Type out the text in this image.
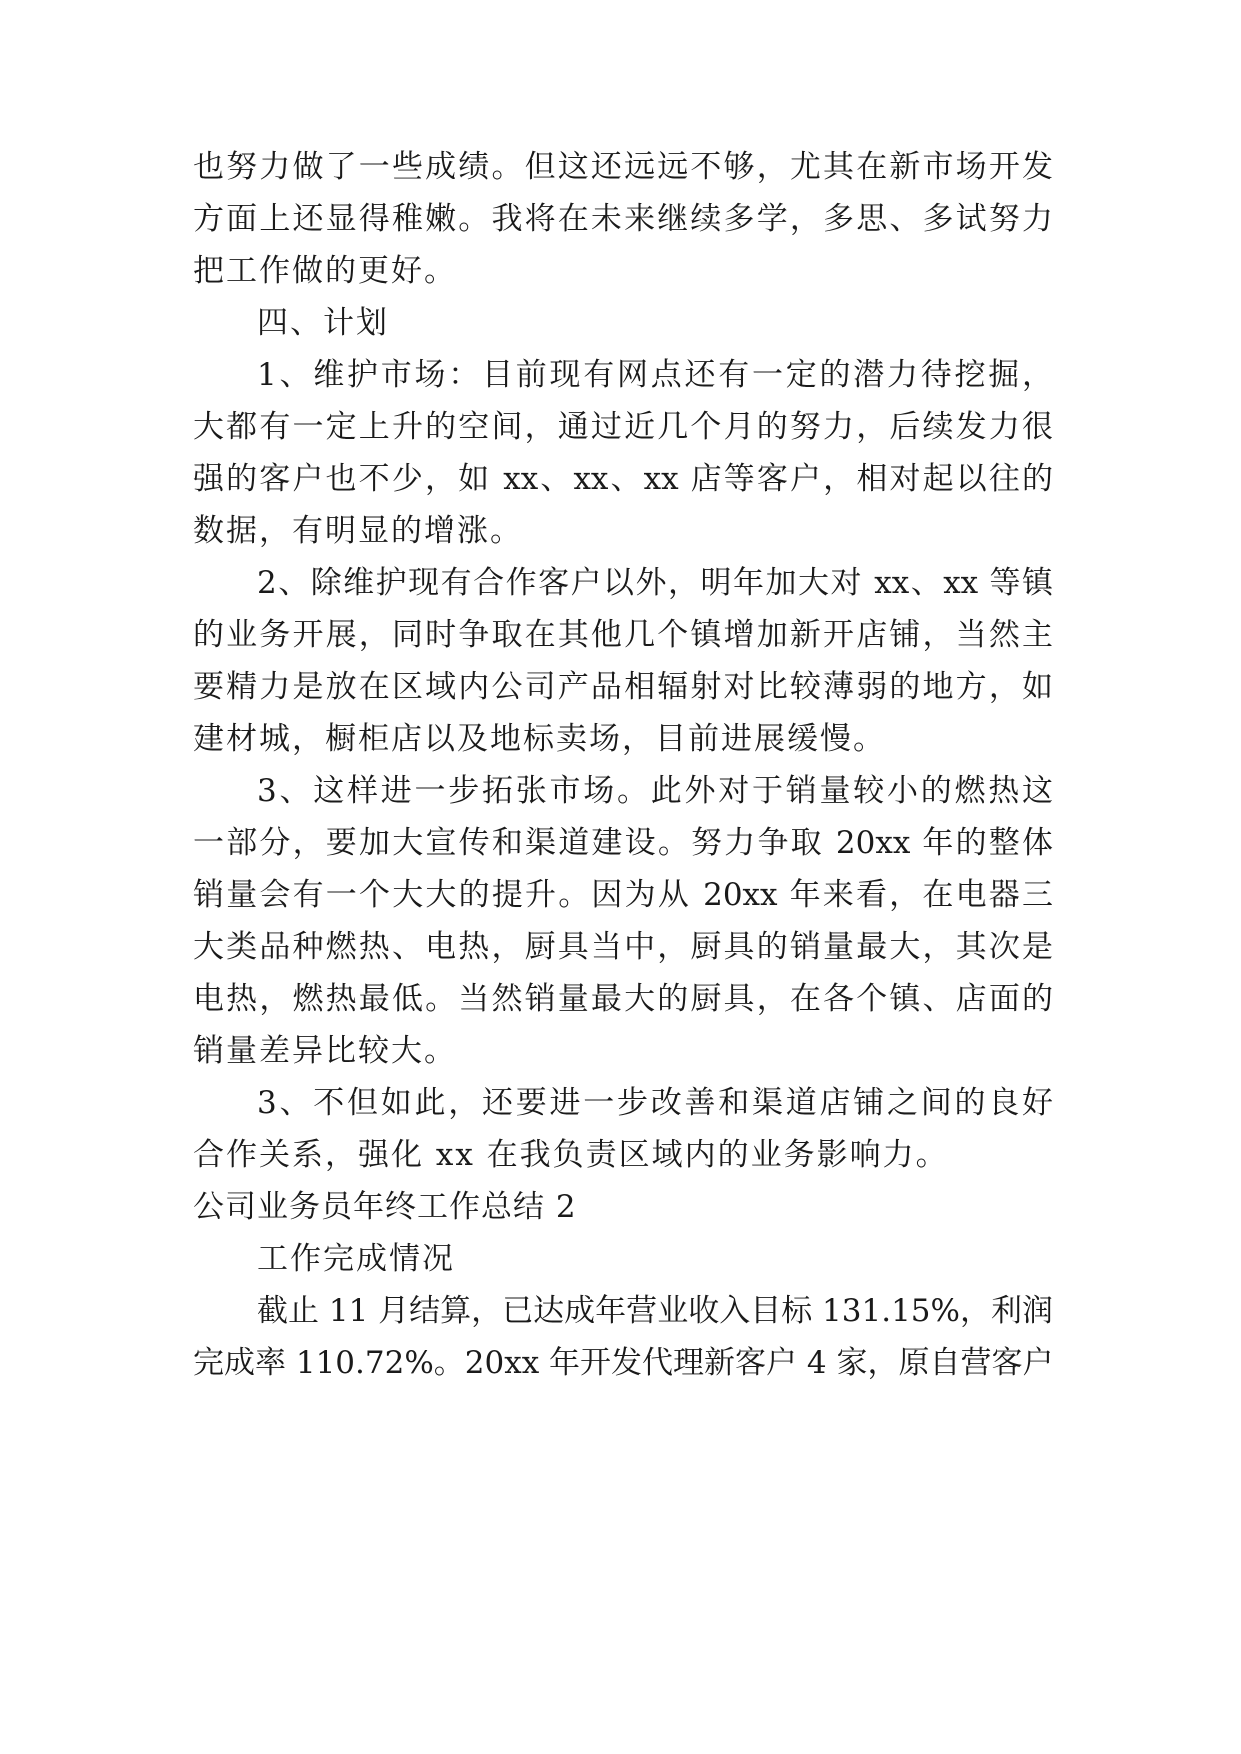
也努力做了一些成绩。但这还远远不够，尤其在新市场开发
方面上还显得稚嫩。我将在未来继续多学，多思、多试努力
把工作做的更好。
四、计划
1、维护市场：目前现有网点还有一定的潜力待挖掘，
大都有一定上升的空间，通过近几个月的努力，后续发力很
强的客户也不少，如 xx、xx、xx 店等客户，相对起以往的
数据，有明显的增涨。
2、除维护现有合作客户以外，明年加大对 xx、xx 等镇
的业务开展，同时争取在其他几个镇增加新开店铺，当然主
要精力是放在区域内公司产品相辐射对比较薄弱的地方，如
建材城，橱柜店以及地标卖场，目前进展缓慢。
3、这样进一步拓张市场。此外对于销量较小的燃热这
一部分，要加大宣传和渠道建设。努力争取 20xx 年的整体
销量会有一个大大的提升。因为从 20xx 年来看，在电器三
大类品种燃热、电热，厨具当中，厨具的销量最大，其次是
电热，燃热最低。当然销量最大的厨具，在各个镇、店面的
销量差异比较大。
3、不但如此，还要进一步改善和渠道店铺之间的良好
合作关系，强化 xx 在我负责区域内的业务影响力。
公司业务员年终工作总结 2
工作完成情况
截止 11 月结算，已达成年营业收入目标 131.15%，利润
完成率 110.72%。20xx 年开发代理新客户 4 家，原自营客户
